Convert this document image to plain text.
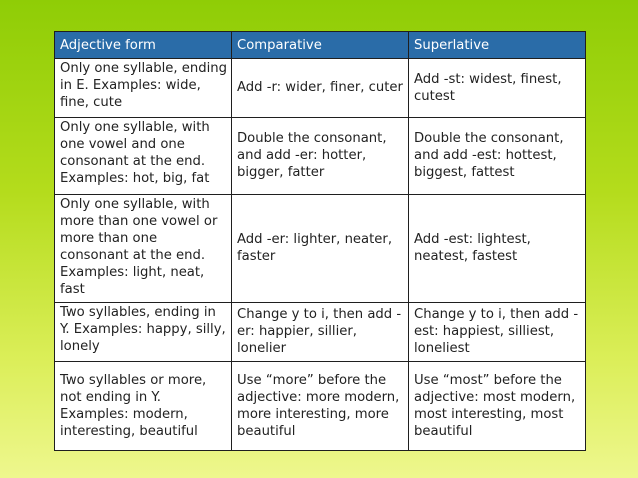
Adjective form	Comparative	Superlative
Only one syllable, ending in E. Examples: wide, fine, cute	Add -r: wider, finer, cuter	Add -st: widest, finest, cutest
Only one syllable, with one vowel and one consonant at the end. Examples: hot, big, fat	Double the consonant, and add -er: hotter, bigger, fatter	Double the consonant, and add -est: hottest, biggest, fattest
Only one syllable, with more than one vowel or more than one consonant at the end. Examples: light, neat, fast	Add -er: lighter, neater, faster	Add -est: lightest, neatest, fastest
Two syllables, ending in Y. Examples: happy, silly, lonely	Change y to i, then add -er: happier, sillier, lonelier	Change y to i, then add -est: happiest, silliest, loneliest
Two syllables or more, not ending in Y. Examples: modern, interesting, beautiful	Use “more” before the adjective: more modern, more interesting, more beautiful	Use “most” before the adjective: most modern, most interesting, most beautiful
